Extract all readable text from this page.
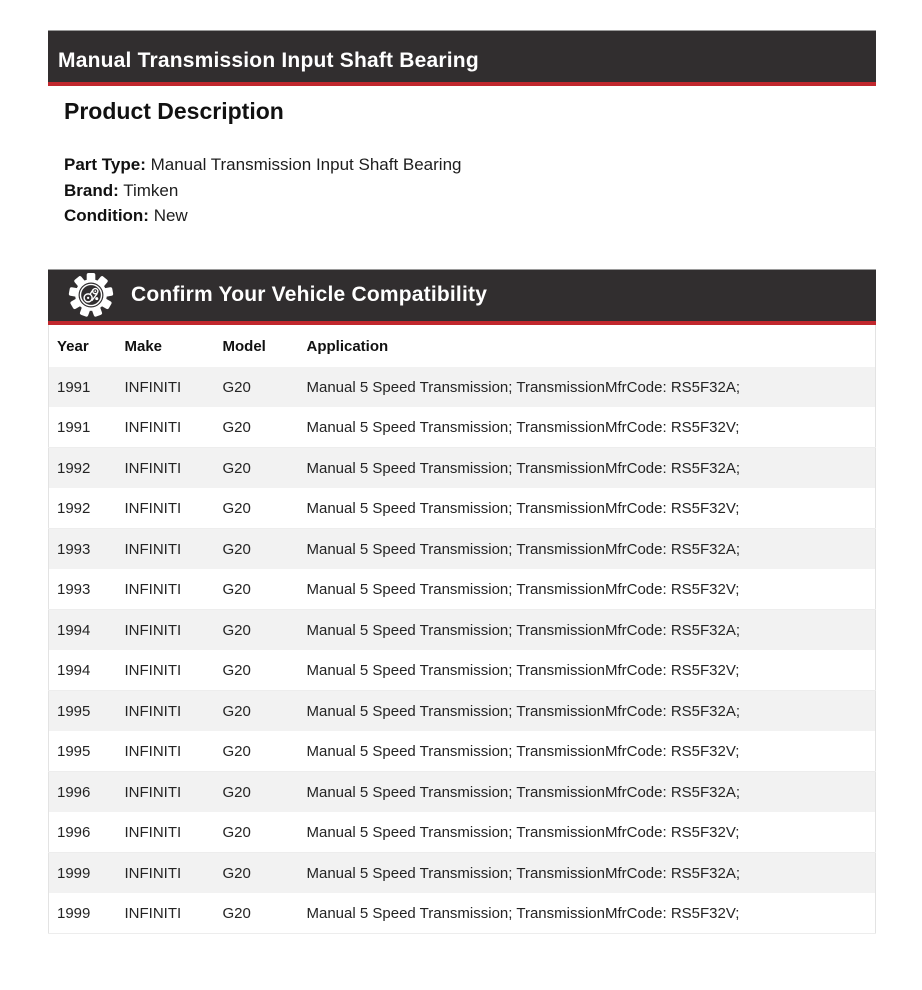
Manual Transmission Input Shaft Bearing
Product Description
Part Type: Manual Transmission Input Shaft Bearing
Brand: Timken
Condition: New
Confirm Your Vehicle Compatibility
Year	Make	Model	Application
1991	INFINITI	G20	Manual 5 Speed Transmission; TransmissionMfrCode: RS5F32A;
1991	INFINITI	G20	Manual 5 Speed Transmission; TransmissionMfrCode: RS5F32V;
1992	INFINITI	G20	Manual 5 Speed Transmission; TransmissionMfrCode: RS5F32A;
1992	INFINITI	G20	Manual 5 Speed Transmission; TransmissionMfrCode: RS5F32V;
1993	INFINITI	G20	Manual 5 Speed Transmission; TransmissionMfrCode: RS5F32A;
1993	INFINITI	G20	Manual 5 Speed Transmission; TransmissionMfrCode: RS5F32V;
1994	INFINITI	G20	Manual 5 Speed Transmission; TransmissionMfrCode: RS5F32A;
1994	INFINITI	G20	Manual 5 Speed Transmission; TransmissionMfrCode: RS5F32V;
1995	INFINITI	G20	Manual 5 Speed Transmission; TransmissionMfrCode: RS5F32A;
1995	INFINITI	G20	Manual 5 Speed Transmission; TransmissionMfrCode: RS5F32V;
1996	INFINITI	G20	Manual 5 Speed Transmission; TransmissionMfrCode: RS5F32A;
1996	INFINITI	G20	Manual 5 Speed Transmission; TransmissionMfrCode: RS5F32V;
1999	INFINITI	G20	Manual 5 Speed Transmission; TransmissionMfrCode: RS5F32A;
1999	INFINITI	G20	Manual 5 Speed Transmission; TransmissionMfrCode: RS5F32V;
